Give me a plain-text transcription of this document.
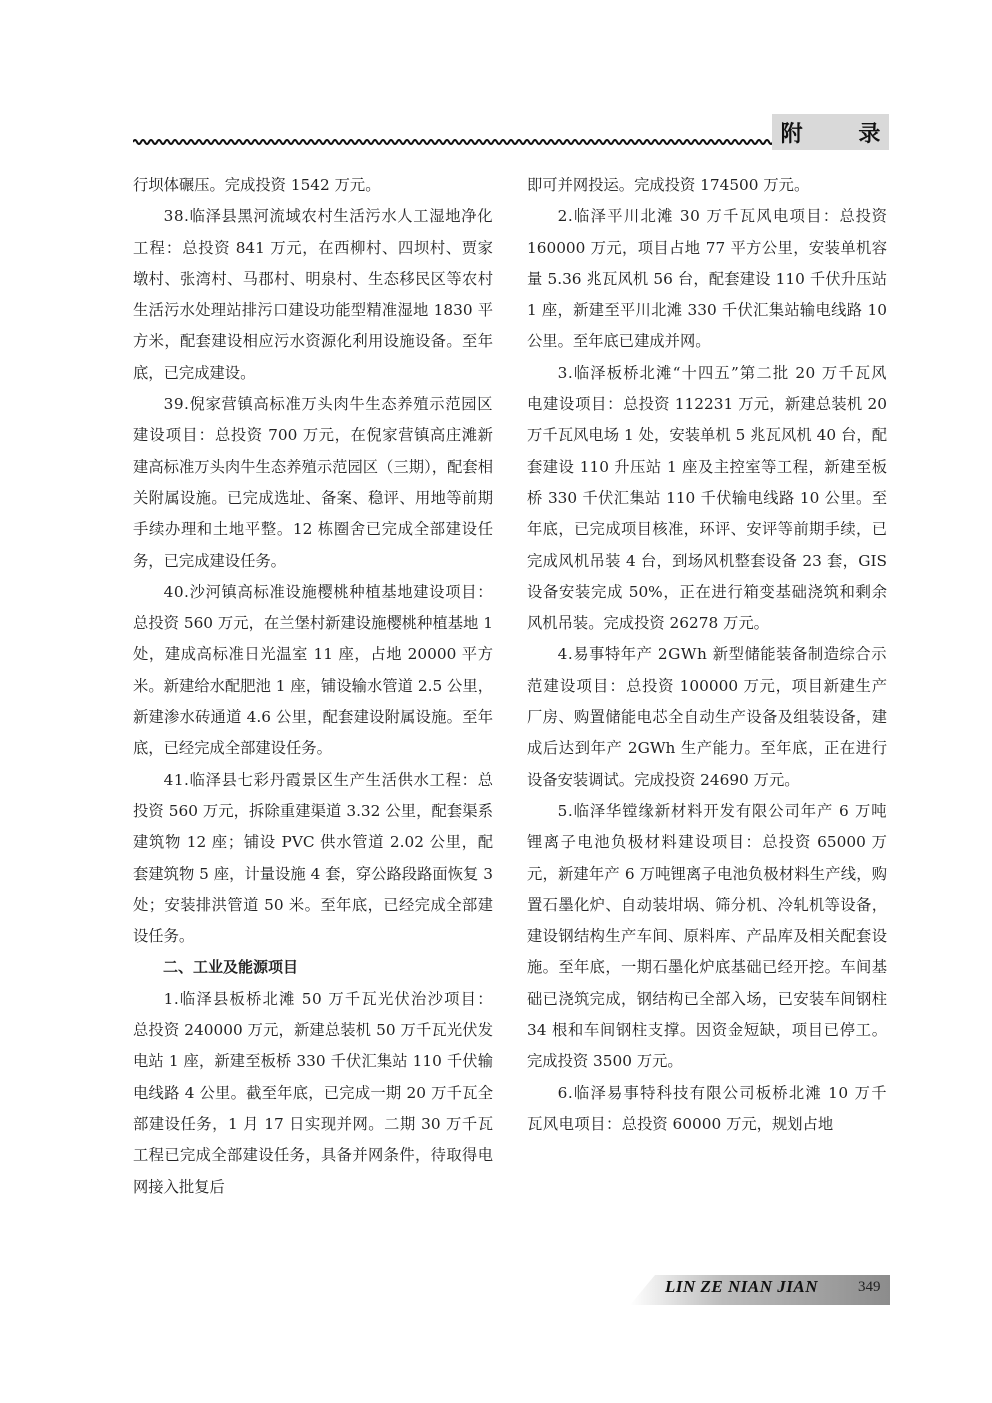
附 录

行坝体碾压。完成投资 1542 万元。

38.临泽县黑河流域农村生活污水人工湿地净化工程：总投资 841 万元，在西柳村、四坝村、贾家墩村、张湾村、马郡村、明泉村、生态移民区等农村生活污水处理站排污口建设功能型精准湿地 1830 平方米，配套建设相应污水资源化利用设施设备。至年底，已完成建设。

39.倪家营镇高标准万头肉牛生态养殖示范园区建设项目：总投资 700 万元，在倪家营镇高庄滩新建高标准万头肉牛生态养殖示范园区（三期），配套相关附属设施。已完成选址、备案、稳评、用地等前期手续办理和土地平整。12 栋圈舍已完成全部建设任务，已完成建设任务。

40.沙河镇高标准设施樱桃种植基地建设项目：总投资 560 万元，在兰堡村新建设施樱桃种植基地 1 处，建成高标准日光温室 11 座，占地 20000 平方米。新建给水配肥池 1 座，铺设输水管道 2.5 公里，新建渗水砖通道 4.6 公里，配套建设附属设施。至年底，已经完成全部建设任务。

41.临泽县七彩丹霞景区生产生活供水工程：总投资 560 万元，拆除重建渠道 3.32 公里，配套渠系建筑物 12 座；铺设 PVC 供水管道 2.02 公里，配套建筑物 5 座，计量设施 4 套，穿公路段路面恢复 3 处；安装排洪管道 50 米。至年底，已经完成全部建设任务。

二、工业及能源项目

1.临泽县板桥北滩 50 万千瓦光伏治沙项目：总投资 240000 万元，新建总装机 50 万千瓦光伏发电站 1 座，新建至板桥 330 千伏汇集站 110 千伏输电线路 4 公里。截至年底，已完成一期 20 万千瓦全部建设任务，1 月 17 日实现并网。二期 30 万千瓦工程已完成全部建设任务，具备并网条件，待取得电网接入批复后

即可并网投运。完成投资 174500 万元。

2.临泽平川北滩 30 万千瓦风电项目：总投资 160000 万元，项目占地 77 平方公里，安装单机容量 5.36 兆瓦风机 56 台，配套建设 110 千伏升压站 1 座，新建至平川北滩 330 千伏汇集站输电线路 10 公里。至年底已建成并网。

3.临泽板桥北滩“十四五”第二批 20 万千瓦风电建设项目：总投资 112231 万元，新建总装机 20 万千瓦风电场 1 处，安装单机 5 兆瓦风机 40 台，配套建设 110 升压站 1 座及主控室等工程，新建至板桥 330 千伏汇集站 110 千伏输电线路 10 公里。至年底，已完成项目核准，环评、安评等前期手续，已完成风机吊装 4 台，到场风机整套设备 23 套，GIS 设备安装完成 50%，正在进行箱变基础浇筑和剩余风机吊装。完成投资 26278 万元。

4.易事特年产 2GWh 新型储能装备制造综合示范建设项目：总投资 100000 万元，项目新建生产厂房、购置储能电芯全自动生产设备及组装设备，建成后达到年产 2GWh 生产能力。至年底，正在进行设备安装调试。完成投资 24690 万元。

5.临泽华镗缘新材料开发有限公司年产 6 万吨锂离子电池负极材料建设项目：总投资 65000 万元，新建年产 6 万吨锂离子电池负极材料生产线，购置石墨化炉、自动装坩埚、筛分机、冷轧机等设备，建设钢结构生产车间、原料库、产品库及相关配套设施。至年底，一期石墨化炉底基础已经开挖。车间基础已浇筑完成，钢结构已全部入场，已安装车间钢柱 34 根和车间钢柱支撑。因资金短缺，项目已停工。完成投资 3500 万元。

6.临泽易事特科技有限公司板桥北滩 10 万千瓦风电项目：总投资 60000 万元，规划占地

LIN ZE NIAN JIAN	349
